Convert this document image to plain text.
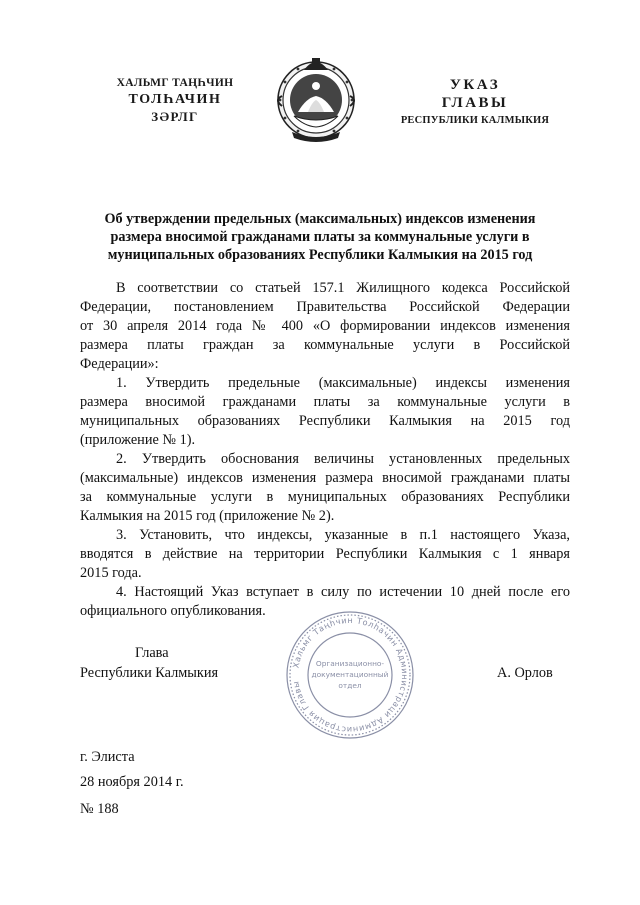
ХАЛЬМГ ТАҢҺЧИН
ТОЛҺАЧИН
ЗӘРЛГ
УКАЗ
ГЛАВЫ
РЕСПУБЛИКИ КАЛМЫКИЯ
Об утверждении предельных (максимальных) индексов изменения
размера вносимой гражданами платы за коммунальные услуги в
муниципальных образованиях Республики Калмыкия на 2015 год
В соответствии со статьей 157.1 Жилищного кодекса Российской
Федерации, постановлением Правительства Российской Федерации
от 30 апреля 2014 года № 400 «О формировании индексов изменения
размера платы граждан за коммунальные услуги в Российской
Федерации»:
1. Утвердить предельные (максимальные) индексы изменения
размера вносимой гражданами платы за коммунальные услуги в
муниципальных образованиях Республики Калмыкия на 2015 год
(приложение № 1).
2. Утвердить обоснования величины установленных предельных
(максимальные) индексов изменения размера вносимой гражданами платы
за коммунальные услуги в муниципальных образованиях Республики
Калмыкия на 2015 год (приложение № 2).
3. Установить, что индексы, указанные в п.1 настоящего Указа,
вводятся в действие на территории Республики Калмыкия с 1 января
2015 года.
4. Настоящий Указ вступает в силу по истечении 10 дней после его
официального опубликования.
Глава
Республики Калмыкия	А. Орлов
Хальмг Таңһчин Толһачин Администраци Администрация Главы
Организационно-
документационный
отдел
г. Элиста
28 ноября 2014 г.
№ 188
